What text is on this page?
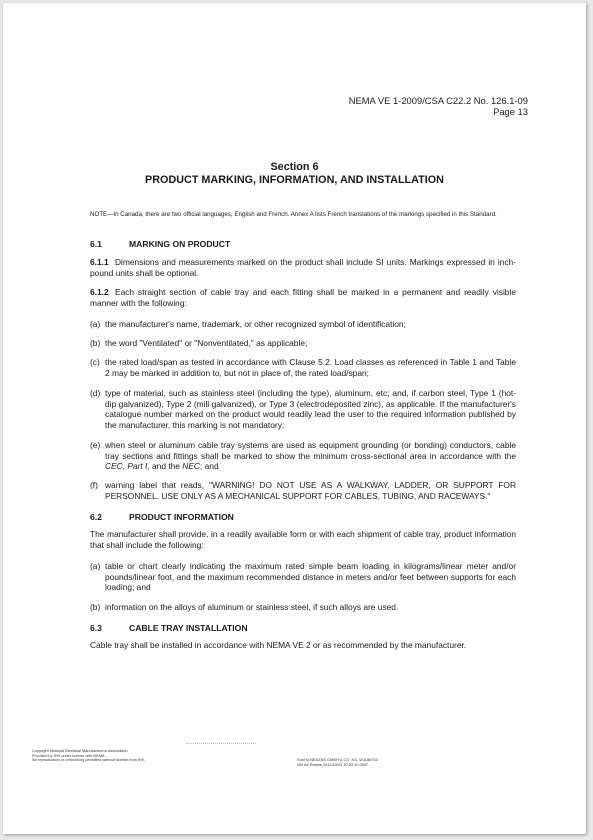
NEMA VE 1-2009/CSA C22.2 No. 126.1-09
Page 13
Section 6
PRODUCT MARKING, INFORMATION, AND INSTALLATION
NOTE—In Canada, there are two official languages, English and French. Annex A lists French translations of the markings specified in this Standard.
6.1	MARKING ON PRODUCT
6.1.1 Dimensions and measurements marked on the product shall include SI units. Markings expressed in inch-pound units shall be optional.
6.1.2 Each straight section of cable tray and each fitting shall be marked in a permanent and readily visible manner with the following:
(a) the manufacturer's name, trademark, or other recognized symbol of identification;
(b) the word "Ventilated" or "Nonventilated," as applicable;
(c) the rated load/span as tested in accordance with Clause 5.2. Load classes as referenced in Table 1 and Table 2 may be marked in addition to, but not in place of, the rated load/span;
(d) type of material, such as stainless steel (including the type), aluminum, etc; and, if carbon steel, Type 1 (hot-dip galvanized), Type 2 (mill galvanized), or Type 3 (electrodeposited zinc), as applicable. If the manufacturer's catalogue number marked on the product would readily lead the user to the required information published by the manufacturer, this marking is not mandatory;
(e) when steel or aluminum cable tray systems are used as equipment grounding (or bonding) conductors, cable tray sections and fittings shall be marked to show the minimum cross-sectional area in accordance with the CEC, Part I, and the NEC; and
(f) warning label that reads, "WARNING! DO NOT USE AS A WALKWAY, LADDER, OR SUPPORT FOR PERSONNEL. USE ONLY AS A MECHANICAL SUPPORT FOR CABLES, TUBING, AND RACEWAYS."
6.2	PRODUCT INFORMATION
The manufacturer shall provide, in a readily available form or with each shipment of cable tray, product information that shall include the following:
(a) table or chart clearly indicating the maximum rated simple beam loading in kilograms/linear meter and/or pounds/linear foot, and the maximum recommended distance in meters and/or feet between supports for each loading; and
(b) information on the alloys of aluminum or stainless steel, if such alloys are used.
6.3	CABLE TRAY INSTALLATION
Cable tray shall be installed in accordance with NEMA VE 2 or as recommended by the manufacturer.
Copyright National Electrical Manufacturers Association
Provided by IHS under license with NEMA
No reproduction or networking permitted without license from IHS	Sold to:NEDZAS GMBH & CO. KG, W1186702
Not for Resale,2011/10/31 10:53:10 GMT
